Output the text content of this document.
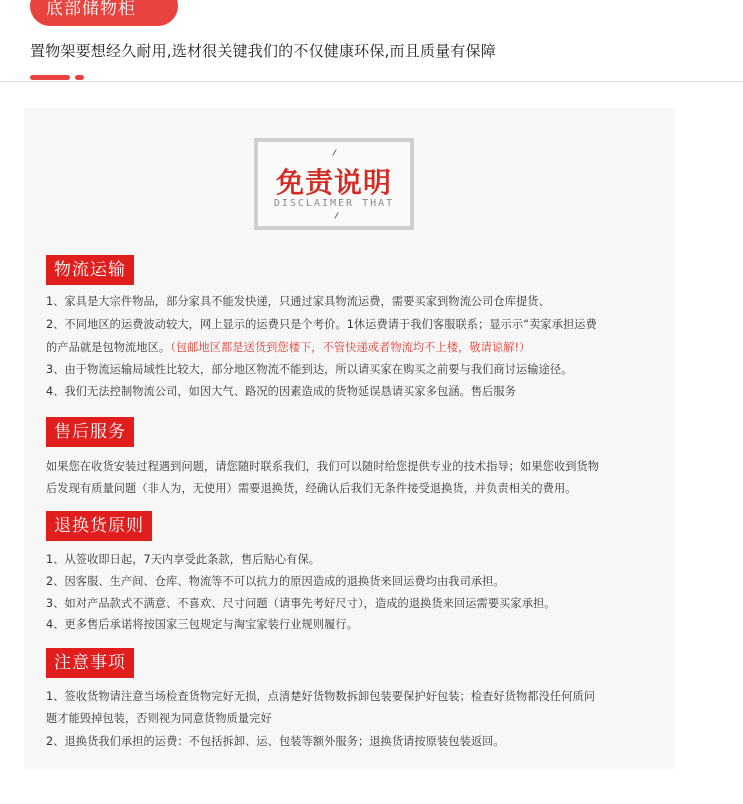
底部储物柜
置物架要想经久耐用,选材很关键我们的不仅健康环保,而且质量有保障
免责说明
DISCLAIMER THAT
物流运输
1、家具是大宗件物品，部分家具不能发快递，只通过家具物流运费，需要买家到物流公司仓库提货、
2、不同地区的运费波动较大，网上显示的运费只是个考价。1休运费请于我们客服联系；显示示“卖家承担运费
的产品就是包物流地区。（包邮地区都是送货到您楼下，不管快递或者物流均不上楼，敬请谅解!）
3、由于物流运输局域性比较大，部分地区物流不能到达，所以请买家在购买之前要与我们商讨运输途径。
4、我们无法控制物流公司，如因大气、路况的因素造成的货物延误恳请买家多包涵。售后服务
售后服务
如果您在收货安装过程遇到问题，请您随时联系我们，我们可以随时给您提供专业的技术指导；如果您收到货物
后发现有质量问题（非人为，无使用）需要退换货，经确认后我们无条件接受退换货，并负责相关的费用。
退换货原则
1、从签收即日起，7天内享受此条款，售后贴心有保。
2、因客服、生产间、仓库、物流等不可以抗力的原因造成的退换货来回运费均由我司承担。
3、如对产品款式不满意、不喜欢、尺寸问题（请事先考好尺寸），造成的退换货来回运需要买家承担。
4、更多售后承诺将按国家三包规定与淘宝家装行业规则履行。
注意事项
1、签收货物请注意当场检查货物完好无损，点清楚好货物数拆卸包装要保护好包装；检查好货物都没任何质问
题才能毁掉包装，否则视为同意货物质量完好
2、退换货我们承担的运费：不包括拆卸、运、包装等额外服务；退换货请按原装包装返回。
